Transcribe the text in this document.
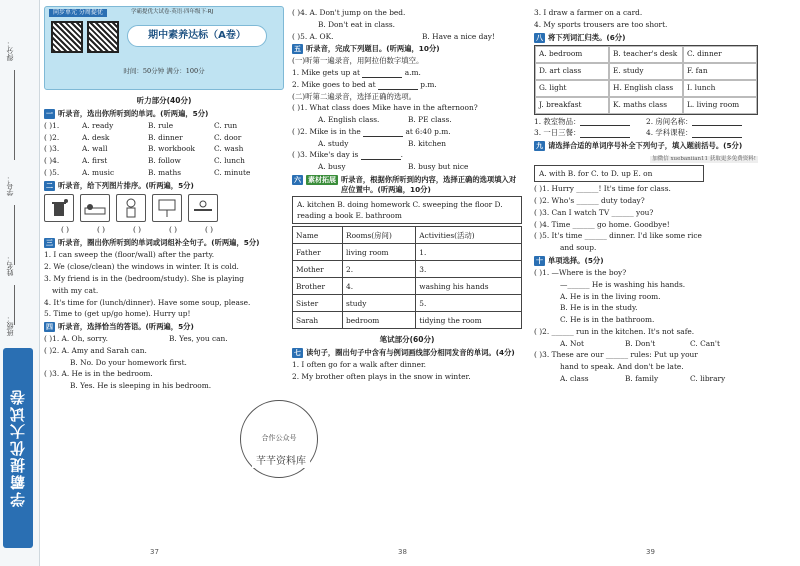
得分：
学号：
姓名：
班级：
学霸提优大试卷
同步单元 分周提优	学霸提优大试卷·英语·四年级下·RJ
期中素养达标（A卷）
时间：50分钟 满分：100分
听力部分(40分)
一 听录音，选出你所听到的单词。(听两遍，5分)
( )1.	A. ready	B. rule	C. run
( )2.	A. desk	B. dinner	C. door
( )3.	A. wall	B. workbook	C. wash
( )4.	A. first	B. follow	C. lunch
( )5.	A. music	B. maths	C. minute
二 听录音，给下列图片排序。(听两遍，5分)
( )	( )	( )	( )	( )
三 听录音，圈出你所听到的单词或词组补全句子。(听两遍，5分)
1. I can sweep the (floor/wall) after the party.
2. We (close/clean) the windows in winter. It is cold.
3. My friend is in the (bedroom/study). She is playing
with my cat.
4. It's time for (lunch/dinner). Have some soup, please.
5. Time to (get up/go home). Hurry up!
四 听录音，选择恰当的答语。(听两遍，5分)
( )1. A. Oh, sorry.	B. Yes, you can.
( )2. A. Amy and Sarah can.
B. No. Do your homework first.
( )3. A. He is in the bedroom.
B. Yes. He is sleeping in his bedroom.
( )4. A. Don't jump on the bed.
B. Don't eat in class.
( )5. A. OK.	B. Have a nice day!
五 听录音，完成下列题目。(听两遍，10分)
(一)听第一遍录音，用阿拉伯数字填空。
1. Mike gets up at	a.m.
2. Mike goes to bed at	p.m.
(二)听第二遍录音，选择正确的选项。
( )1. What class does Mike have in the afternoon?
A. English class.	B. PE class.
( )2. Mike is in the	at 6:40 p.m.
A. study	B. kitchen
( )3. Mike's day is	.
A. busy	B. busy but nice
六 素材拓展 听录音，根据你所听到的内容，选择正确的选项填入对应位置中。(听两遍，10分)
A. kitchen B. doing homework C. sweeping the floor D. reading a book E. bathroom
Name	Rooms(房间)	Activities(活动)
Father	living room	1.
Mother	2.	3.
Brother	4.	washing his hands
Sister	study	5.
Sarah	bedroom	tidying the room
笔试部分(60分)
七 读句子，圈出句子中含有与例词画线部分相同发音的单词。(4分)
1. I often go for a walk after dinner.
2. My brother often plays in the snow in winter.
合作公众号
芊芊资料库
3. I draw a farmer on a card.
4. My sports trousers are too short.
八 将下列词汇归类。(6分)
A. bedroom	B. teacher's desk	C. dinner
D. art class	E. study	F. fan
G. light	H. English class	I. lunch
J. breakfast	K. maths class	L. living room
1. 教室物品：	2. 房间名称：
3. 一日三餐：	4. 学科课程：
九 请选择合适的单词序号补全下列句子，填入题前括号。(5分)
加微信 xuebaniian11 获取更多免费资料!
A. with B. for C. to D. up E. on
( )1. Hurry ______! It's time for class.
( )2. Who's ______ duty today?
( )3. Can I watch TV ______ you?
( )4. Time ______ go home. Goodbye!
( )5. It's time ______ dinner. I'd like some rice
and soup.
十 单项选择。(5分)
( )1. —Where is the boy?
—______ He is washing his hands.
A. He is in the living room.
B. He is in the study.
C. He is in the bathroom.
( )2. ______ run in the kitchen. It's not safe.
A. Not	B. Don't	C. Can't
( )3. These are our ______ rules: Put up your
hand to speak. And don't be late.
A. class	B. family	C. library
37	38	39
